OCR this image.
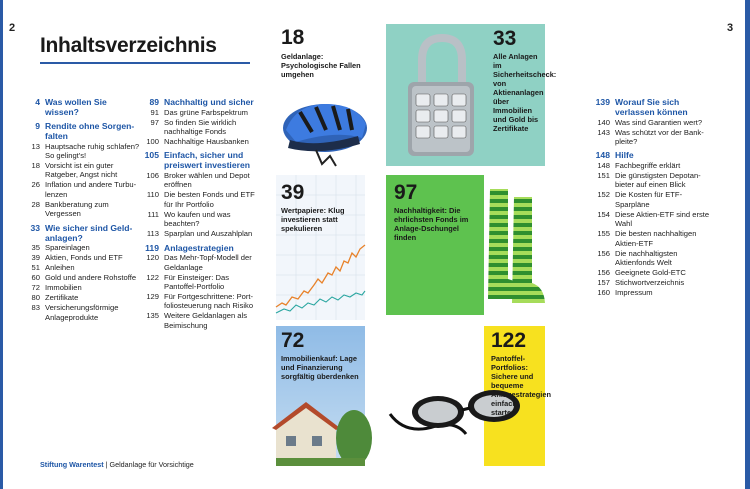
2	3
Inhaltsverzeichnis
4 Was wollen Sie wissen?
9 Rendite ohne Sorgenfalten
13 Hauptsache ruhig schlafen? So gelingt's!
18 Vorsicht ist ein guter Ratgeber, Angst nicht
26 Inflation und andere Turbulenzen
28 Bankberatung zum Vergessen
33 Wie sicher sind Geldanlagen?
35 Spareinlagen
39 Aktien, Fonds und ETF
51 Anleihen
60 Gold und andere Rohstoffe
72 Immobilien
80 Zertifikate
83 Versicherungsförmige Anlageprodukte
89 Nachhaltig und sicher
91 Das grüne Farbspektrum
97 So finden Sie wirklich nachhaltige Fonds
100 Nachhaltige Hausbanken
105 Einfach, sicher und preiswert investieren
106 Broker wählen und Depot eröffnen
110 Die besten Fonds und ETF für Ihr Portfolio
111 Wo kaufen und was beachten?
113 Sparplan und Auszahlplan
119 Anlagestrategien
120 Das Mehr-Topf-Modell der Geldanlage
122 Für Einsteiger: Das Pantoffel-Portfolio
129 Für Fortgeschrittene: Portfoliosteuerung nach Risiko
135 Weitere Geldanlagen als Beimischung
139 Worauf Sie sich verlassen können
140 Was sind Garantien wert?
143 Was schützt vor der Bankpleite?
148 Hilfe
148 Fachbegriffe erklärt
151 Die günstigsten Depotanbieter auf einen Blick
152 Die Kosten für ETF-Sparpläne
154 Diese Aktien-ETF sind erste Wahl
155 Die besten nachhaltigen Aktien-ETF
156 Die nachhaltigsten Aktienfonds Welt
156 Geeignete Gold-ETC
157 Stichwortverzeichnis
160 Impressum
18
Geldanlage: Psychologische Fallen umgehen
39
Wertpapiere: Klug investieren statt spekulieren
72
Immobilienkauf: Lage und Finanzierung sorgfältig überdenken
33
Alle Anlagen im Sicherheitscheck: von Aktienanlagen über Immobilien und Gold bis Zertifikate
97
Nachhaltigkeit: Die ehrlichsten Fonds im Anlage-Dschungel finden
122
Pantoffel-Portfolios: Sichere und bequeme Anlagestrategien einfach starten
Stiftung Warentest | Geldanlage für Vorsichtige
